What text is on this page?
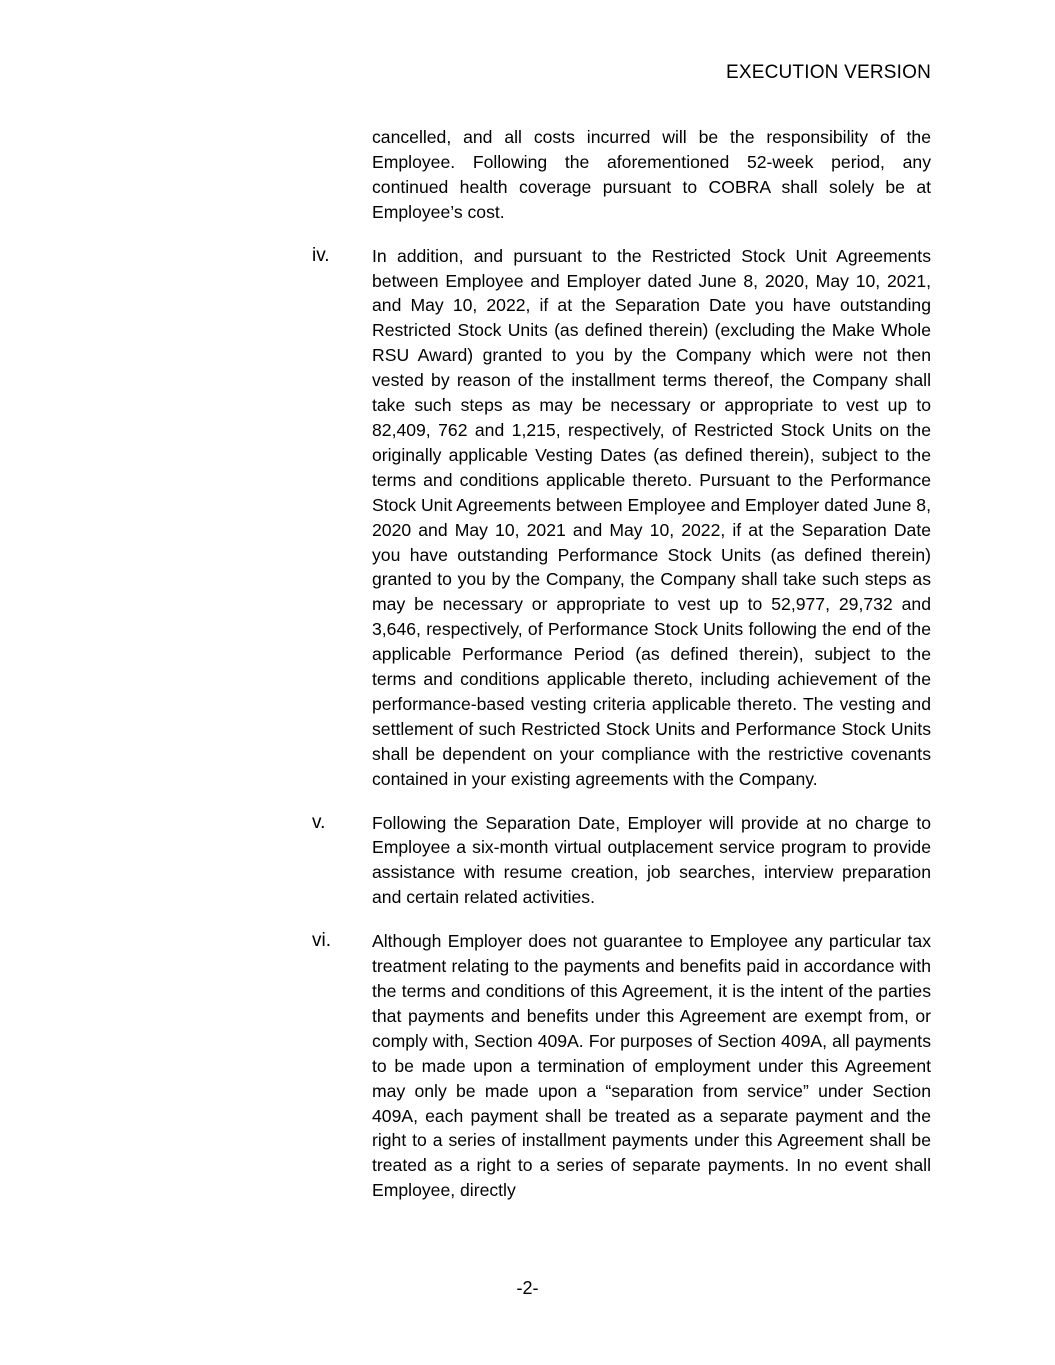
EXECUTION VERSION
cancelled, and all costs incurred will be the responsibility of the Employee. Following the aforementioned 52-week period, any continued health coverage pursuant to COBRA shall solely be at Employee’s cost.
iv. In addition, and pursuant to the Restricted Stock Unit Agreements between Employee and Employer dated June 8, 2020, May 10, 2021, and May 10, 2022, if at the Separation Date you have outstanding Restricted Stock Units (as defined therein) (excluding the Make Whole RSU Award) granted to you by the Company which were not then vested by reason of the installment terms thereof, the Company shall take such steps as may be necessary or appropriate to vest up to 82,409, 762 and 1,215, respectively, of Restricted Stock Units on the originally applicable Vesting Dates (as defined therein), subject to the terms and conditions applicable thereto. Pursuant to the Performance Stock Unit Agreements between Employee and Employer dated June 8, 2020 and May 10, 2021 and May 10, 2022, if at the Separation Date you have outstanding Performance Stock Units (as defined therein) granted to you by the Company, the Company shall take such steps as may be necessary or appropriate to vest up to 52,977, 29,732 and 3,646, respectively, of Performance Stock Units following the end of the applicable Performance Period (as defined therein), subject to the terms and conditions applicable thereto, including achievement of the performance-based vesting criteria applicable thereto. The vesting and settlement of such Restricted Stock Units and Performance Stock Units shall be dependent on your compliance with the restrictive covenants contained in your existing agreements with the Company.
v.	Following the Separation Date, Employer will provide at no charge to Employee a six-month virtual outplacement service program to provide assistance with resume creation, job searches, interview preparation and certain related activities.
vi. Although Employer does not guarantee to Employee any particular tax treatment relating to the payments and benefits paid in accordance with the terms and conditions of this Agreement, it is the intent of the parties that payments and benefits under this Agreement are exempt from, or comply with, Section 409A. For purposes of Section 409A, all payments to be made upon a termination of employment under this Agreement may only be made upon a “separation from service” under Section 409A, each payment shall be treated as a separate payment and the right to a series of installment payments under this Agreement shall be treated as a right to a series of separate payments. In no event shall Employee, directly
-2-
